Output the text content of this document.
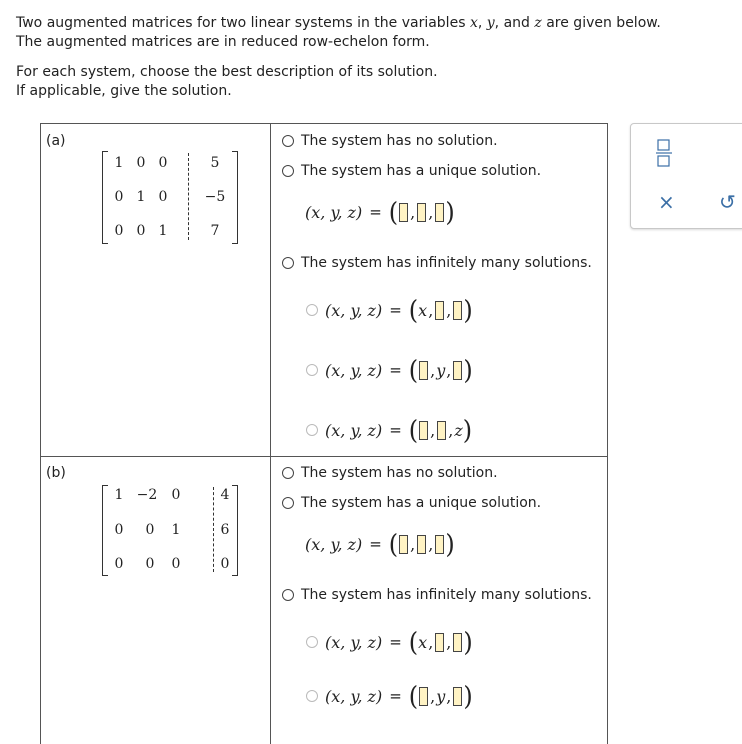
Two augmented matrices for two linear systems in the variables x, y, and z are given below.

The augmented matrices are in reduced row-echelon form.

For each system, choose the best description of its solution.

If applicable, give the solution.

(a)
1 0 0	5
0 1 0	−5
0 0 1	7
The system has no solution.
The system has a unique solution.
(x, y, z) = ( , , )
The system has infinitely many solutions.
(x, y, z) = ( x , , )
(x, y, z) = ( , y , )
(x, y, z) = ( , , z )
(b)
1 −2	0	4
0	0	1	6
0	0	0	0
The system has no solution.
The system has a unique solution.
(x, y, z) = ( , , )
The system has infinitely many solutions.
(x, y, z) = ( x , , )
(x, y, z) = ( , y , )
× ↺
